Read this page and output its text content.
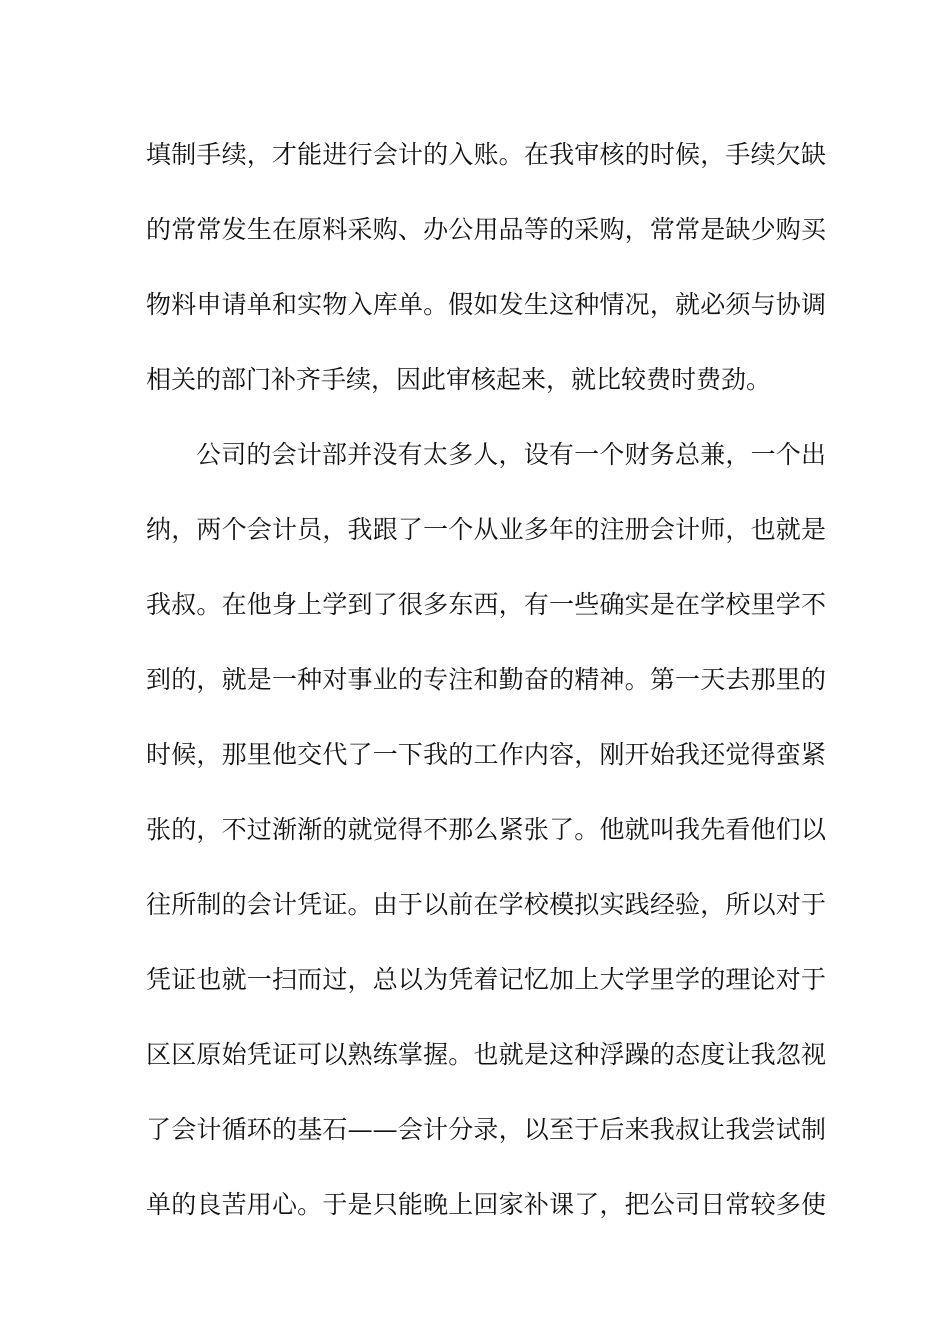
填制手续，才能进行会计的入账。在我审核的时候，手续欠缺
的常常发生在原料采购、办公用品等的采购，常常是缺少购买
物料申请单和实物入库单。假如发生这种情况，就必须与协调
相关的部门补齐手续，因此审核起来，就比较费时费劲。
公司的会计部并没有太多人，设有一个财务总兼，一个出
纳，两个会计员，我跟了一个从业多年的注册会计师，也就是
我叔。在他身上学到了很多东西，有一些确实是在学校里学不
到的，就是一种对事业的专注和勤奋的精神。第一天去那里的
时候，那里他交代了一下我的工作内容，刚开始我还觉得蛮紧
张的，不过渐渐的就觉得不那么紧张了。他就叫我先看他们以
往所制的会计凭证。由于以前在学校模拟实践经验，所以对于
凭证也就一扫而过，总以为凭着记忆加上大学里学的理论对于
区区原始凭证可以熟练掌握。也就是这种浮躁的态度让我忽视
了会计循环的基石——会计分录，以至于后来我叔让我尝试制
单的良苦用心。于是只能晚上回家补课了，把公司日常较多使
